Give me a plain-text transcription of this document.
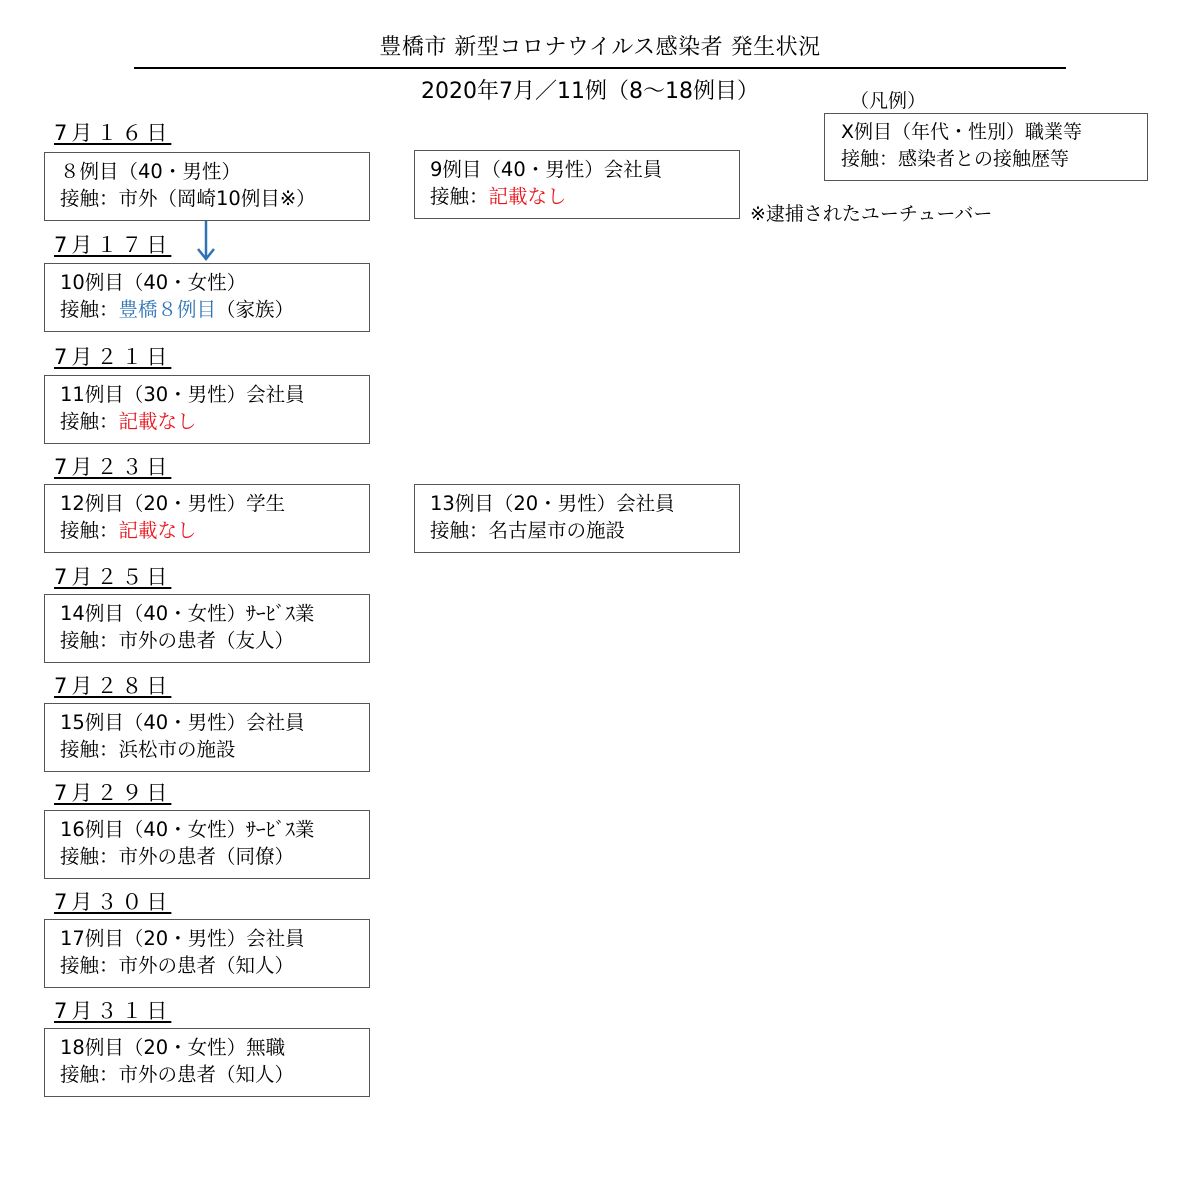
豊橋市 新型コロナウイルス感染者 発生状況
2020年7月／11例（8～18例目）	（凡例）
X例目（年代・性別）職業等
接触：感染者との接触歴等
※逮捕されたユーチューバー
7月１６日
7月１７日
7月２１日
7月２３日
7月２５日
7月２８日
7月２９日
7月３０日
7月３１日
８例目（40・男性）
接触：市外（岡崎10例目※）
9例目（40・男性）会社員
接触：記載なし
10例目（40・女性）
接触：豊橋８例目（家族）
11例目（30・男性）会社員
接触：記載なし
12例目（20・男性）学生
接触：記載なし
13例目（20・男性）会社員
接触：名古屋市の施設
14例目（40・女性）ｻｰﾋﾞｽ業
接触：市外の患者（友人）
15例目（40・男性）会社員
接触：浜松市の施設
16例目（40・女性）ｻｰﾋﾞｽ業
接触：市外の患者（同僚）
17例目（20・男性）会社員
接触：市外の患者（知人）
18例目（20・女性）無職
接触：市外の患者（知人）
